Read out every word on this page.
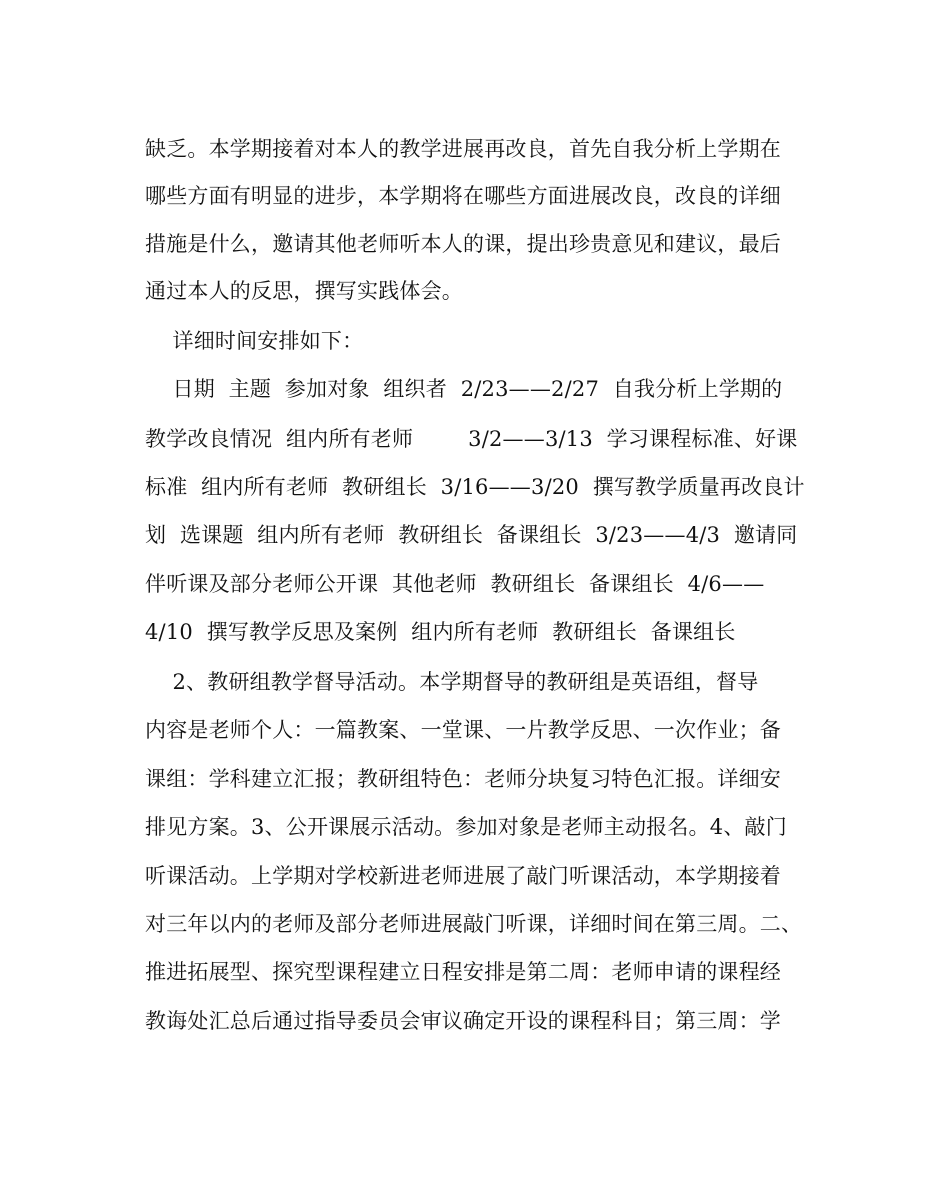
缺乏。本学期接着对本人的教学进展再改良，首先自我分析上学期在
哪些方面有明显的进步，本学期将在哪些方面进展改良，改良的详细
措施是什么，邀请其他老师听本人的课，提出珍贵意见和建议，最后
通过本人的反思，撰写实践体会。
详细时间安排如下：
日期  主题  参加对象  组织者  2/23——2/27  自我分析上学期的
教学改良情况  组内所有老师        3/2——3/13  学习课程标准、好课
标准  组内所有老师  教研组长  3/16——3/20  撰写教学质量再改良计
划  选课题  组内所有老师  教研组长  备课组长  3/23——4/3  邀请同
伴听课及部分老师公开课  其他老师  教研组长  备课组长  4/6——
4/10  撰写教学反思及案例  组内所有老师  教研组长  备课组长
2、教研组教学督导活动。本学期督导的教研组是英语组，督导
内容是老师个人：一篇教案、一堂课、一片教学反思、一次作业；备
课组：学科建立汇报；教研组特色：老师分块复习特色汇报。详细安
排见方案。3、公开课展示活动。参加对象是老师主动报名。4、敲门
听课活动。上学期对学校新进老师进展了敲门听课活动，本学期接着
对三年以内的老师及部分老师进展敲门听课，详细时间在第三周。二、
推进拓展型、探究型课程建立日程安排是第二周：老师申请的课程经
教诲处汇总后通过指导委员会审议确定开设的课程科目；第三周：学
